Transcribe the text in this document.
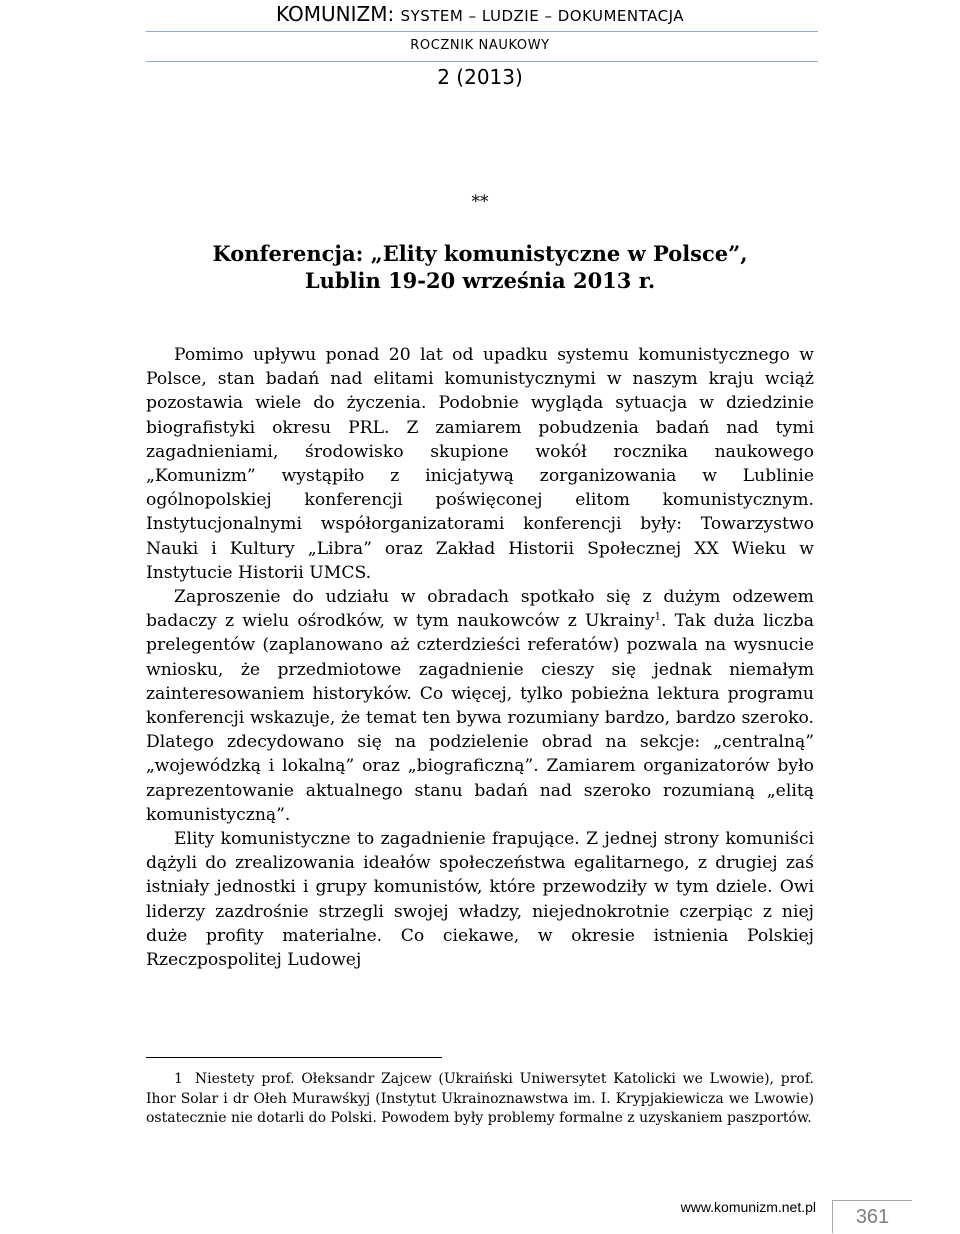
KOMUNIZM: SYSTEM – LUDZIE – DOKUMENTACJA
ROCZNIK NAUKOWY
2 (2013)
**
Konferencja: „Elity komunistyczne w Polsce”,
Lublin 19-20 września 2013 r.

Pomimo upływu ponad 20 lat od upadku systemu komunistycznego w Polsce, stan badań nad elitami komunistycznymi w naszym kraju wciąż pozostawia wiele do życzenia. Podobnie wygląda sytuacja w dziedzinie biografistyki okresu PRL. Z zamiarem pobudzenia badań nad tymi zagadnieniami, środowisko skupione wokół rocznika naukowego „Komunizm” wystąpiło z inicjatywą zorganizowania w Lublinie ogólnopolskiej konferencji poświęconej elitom komunistycznym. Instytucjonalnymi współorganizatorami konferencji były: Towarzystwo Nauki i Kultury „Libra” oraz Zakład Historii Społecznej XX Wieku w Instytucie Historii UMCS.

Zaproszenie do udziału w obradach spotkało się z dużym odzewem badaczy z wielu ośrodków, w tym naukowców z Ukrainy$^1$. Tak duża liczba prelegentów (zaplanowano aż czterdzieści referatów) pozwala na wysnucie wniosku, że przedmiotowe zagadnienie cieszy się jednak niemałym zainteresowaniem historyków. Co więcej, tylko pobieżna lektura programu konferencji wskazuje, że temat ten bywa rozumiany bardzo, bardzo szeroko. Dlatego zdecydowano się na podzielenie obrad na sekcje: „centralną” „wojewódzką i lokalną” oraz „biograficzną”. Zamiarem organizatorów było zaprezentowanie aktualnego stanu badań nad szeroko rozumianą „elitą komunistyczną”.

Elity komunistyczne to zagadnienie frapujące. Z jednej strony komuniści dążyli do zrealizowania ideałów społeczeństwa egalitarnego, z drugiej zaś istniały jednostki i grupy komunistów, które przewodziły w tym dziele. Owi liderzy zazdrośnie strzegli swojej władzy, niejednokrotnie czerpiąc z niej duże profity materialne. Co ciekawe, w okresie istnienia Polskiej Rzeczpospolitej Ludowej

1 Niestety prof. Ołeksandr Zajcew (Ukraiński Uniwersytet Katolicki we Lwowie), prof. Ihor Solar i dr Ołeh Murawśkyj (Instytut Ukrainoznawstwa im. I. Krypjakiewicza we Lwowie) ostatecznie nie dotarli do Polski. Powodem były problemy formalne z uzyskaniem paszportów.

www.komunizm.net.pl	361
